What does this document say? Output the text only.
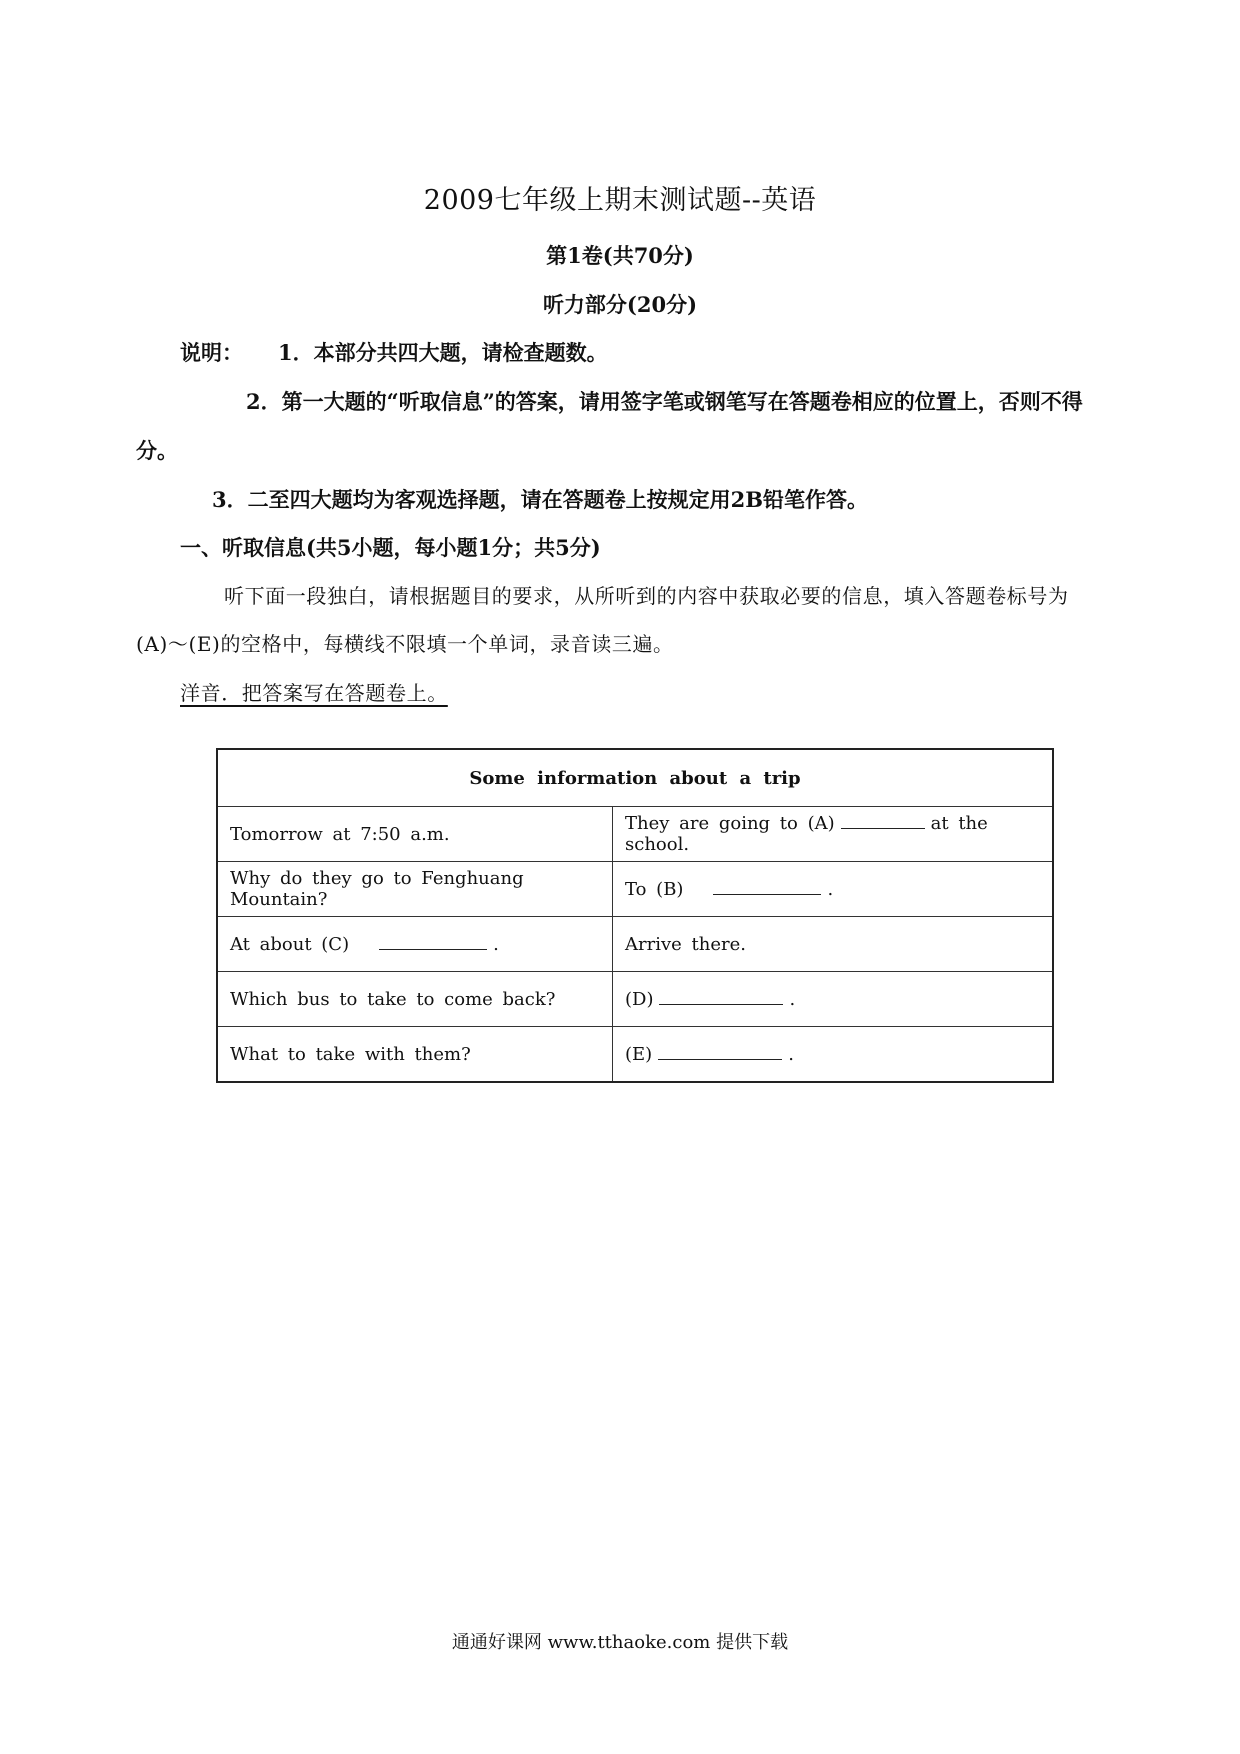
2009七年级上期末测试题--英语
第1卷(共70分)
听力部分(20分)
说明： 1．本部分共四大题，请检查题数。
2．第一大题的“听取信息”的答案，请用签字笔或钢笔写在答题卷相应的位置上，否则不得
分。
3．二至四大题均为客观选择题，请在答题卷上按规定用2B铅笔作答。
一、听取信息(共5小题，每小题1分；共5分)
听下面一段独白，请根据题目的要求，从所听到的内容中获取必要的信息，填入答题卷标号为
(A)～(E)的空格中，每横线不限填一个单词，录音读三遍。
洋音．把答案写在答题卷上。
Some information about a trip	
Tomorrow at 7:50 a.m.	They are going to (A) at the school.
Why do they go to Fenghuang Mountain?	To (B) .
At about (C) .	Arrive there.
Which bus to take to come back?	(D) .
What to take with them?	(E) .
通通好课网 www.tthaoke.com 提供下载
